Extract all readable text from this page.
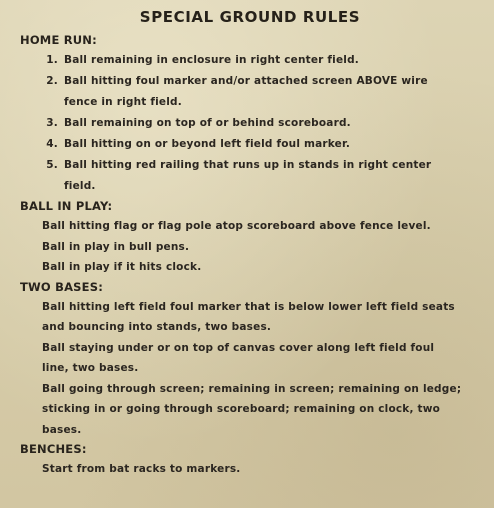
SPECIAL GROUND RULES
HOME RUN:
1. Ball remaining in enclosure in right center field.
2. Ball hitting foul marker and/or attached screen ABOVE wire fence in right field.
3. Ball remaining on top of or behind scoreboard.
4. Ball hitting on or beyond left field foul marker.
5. Ball hitting red railing that runs up in stands in right center field.
BALL IN PLAY:
Ball hitting flag or flag pole atop scoreboard above fence level.
Ball in play in bull pens.
Ball in play if it hits clock.
TWO BASES:
Ball hitting left field foul marker that is below lower left field seats and bouncing into stands, two bases.
Ball staying under or on top of canvas cover along left field foul line, two bases.
Ball going through screen; remaining in screen; remaining on ledge; sticking in or going through scoreboard; remaining on clock, two bases.
BENCHES:
Start from bat racks to markers.
